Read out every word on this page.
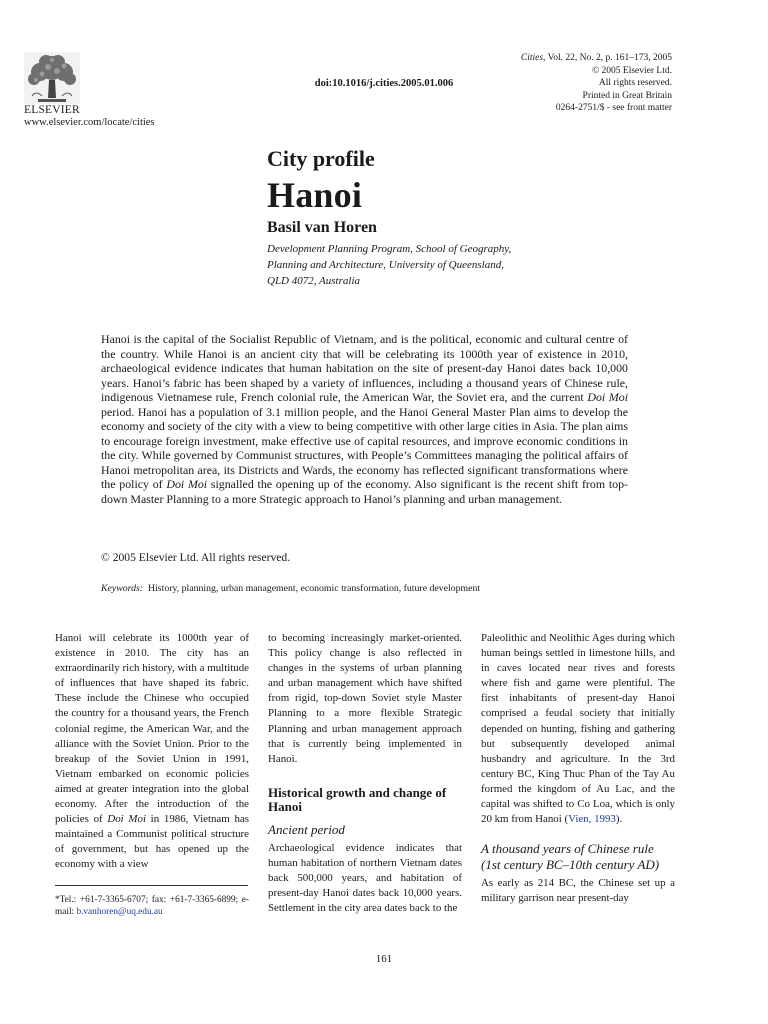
ELSEVIER
www.elsevier.com/locate/cities
doi:10.1016/j.cities.2005.01.006
Cities, Vol. 22, No. 2, p. 161–173, 2005
© 2005 Elsevier Ltd.
All rights reserved.
Printed in Great Britain
0264-2751/$ - see front matter
City profile
Hanoi
Basil van Horen
Development Planning Program, School of Geography,
Planning and Architecture, University of Queensland,
QLD 4072, Australia
Hanoi is the capital of the Socialist Republic of Vietnam, and is the political, economic and cultural centre of the country. While Hanoi is an ancient city that will be celebrating its 1000th year of existence in 2010, archaeological evidence indicates that human habitation on the site of present-day Hanoi dates back 10,000 years. Hanoi’s fabric has been shaped by a variety of influences, including a thousand years of Chinese rule, indigenous Vietnamese rule, French colonial rule, the American War, the Soviet era, and the current Doi Moi period. Hanoi has a population of 3.1 million people, and the Hanoi General Master Plan aims to develop the economy and society of the city with a view to being competitive with other large cities in Asia. The plan aims to encourage foreign investment, make effective use of capital resources, and improve economic conditions in the city. While governed by Communist structures, with People’s Committees managing the political affairs of Hanoi metropolitan area, its Districts and Wards, the economy has reflected significant transformations where the policy of Doi Moi signalled the opening up of the economy. Also significant is the recent shift from top-down Master Planning to a more Strategic approach to Hanoi’s planning and urban management.
© 2005 Elsevier Ltd. All rights reserved.
Keywords: History, planning, urban management, economic transformation, future development

Hanoi will celebrate its 1000th year of existence in 2010. The city has an extraordinarily rich history, with a multitude of influences that have shaped its fabric. These include the Chinese who occupied the country for a thousand years, the French colonial regime, the American War, and the alliance with the Soviet Union. Prior to the breakup of the Soviet Union in 1991, Vietnam embarked on economic policies aimed at greater integration into the global economy. After the introduction of the policies of Doi Moi in 1986, Vietnam has maintained a Communist political structure of government, but has opened up the economy with a view

to becoming increasingly market-oriented. This policy change is also reflected in changes in the systems of urban planning and urban management which have shifted from rigid, top-down Soviet style Master Planning to a more flexible Strategic Planning and urban management approach that is currently being implemented in Hanoi.

Historical growth and change of Hanoi
Ancient period

Archaeological evidence indicates that human habitation of northern Vietnam dates back 500,000 years, and habitation of present-day Hanoi dates back 10,000 years. Settlement in the city area dates back to the

Paleolithic and Neolithic Ages during which human beings settled in limestone hills, and in caves located near rives and forests where fish and game were plentiful. The first inhabitants of present-day Hanoi comprised a feudal society that initially depended on hunting, fishing and gathering but subsequently developed animal husbandry and agriculture. In the 3rd century BC, King Thuc Phan of the Tay Au formed the kingdom of Au Lac, and the capital was shifted to Co Loa, which is only 20 km from Hanoi (Vien, 1993).

A thousand years of Chinese rule (1st century BC–10th century AD)

As early as 214 BC, the Chinese set up a military garrison near present-day

*Tel.: +61-7-3365-6707; fax: +61-7-3365-6899; e-mail: b.vanhoren@uq.edu.au
161
